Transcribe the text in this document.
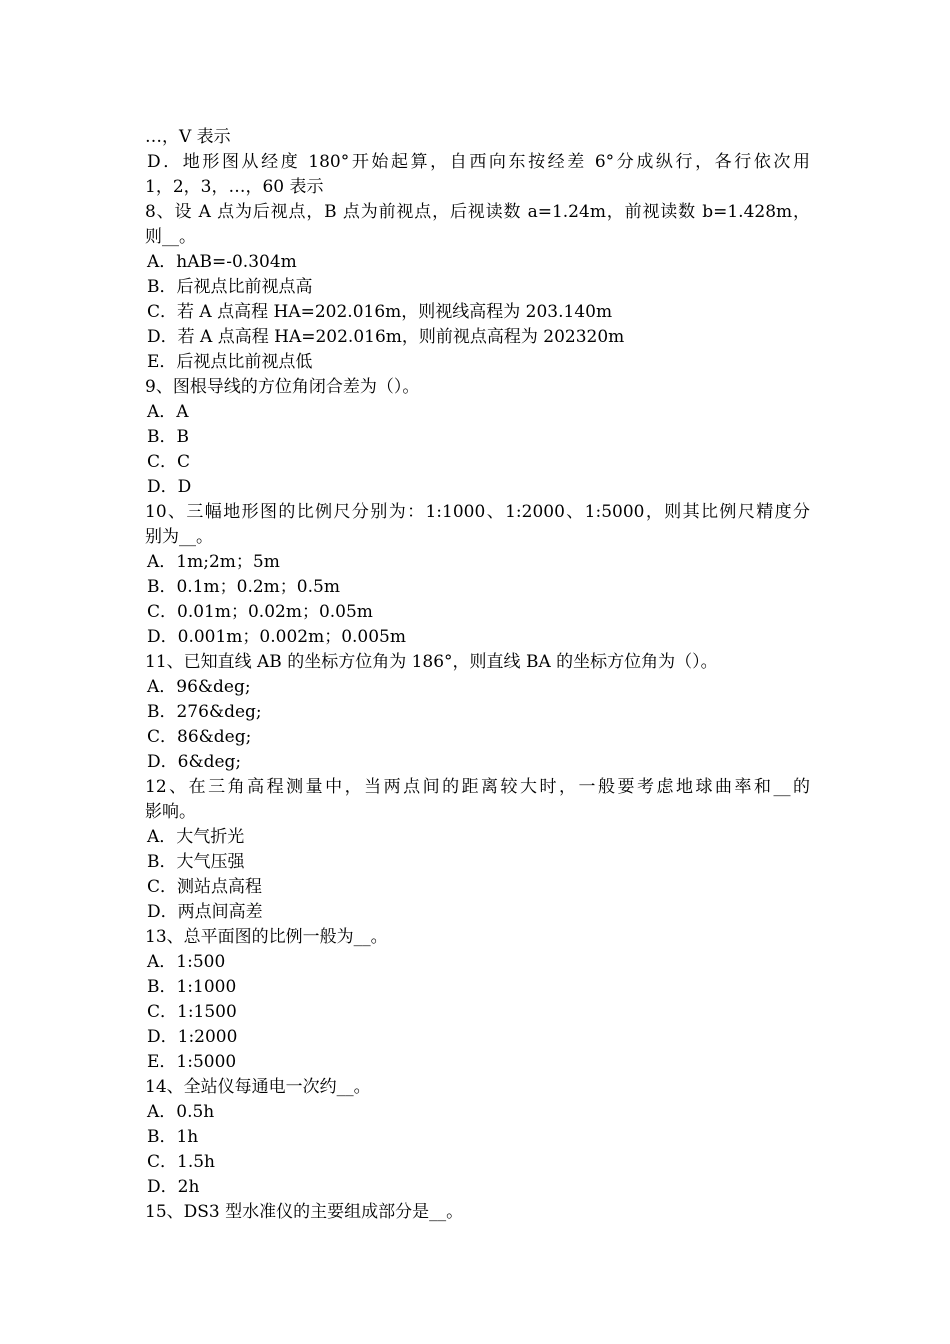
…，V 表示
D．地形图从经度 180°开始起算，自西向东按经差 6°分成纵行，各行依次用
1，2，3，…，60 表示
8、设 A 点为后视点，B 点为前视点，后视读数 a=1.24m，前视读数 b=1.428m，
则__。
A．hAB=-0.304m
B．后视点比前视点高
C．若 A 点高程 HA=202.016m，则视线高程为 203.140m
D．若 A 点高程 HA=202.016m，则前视点高程为 202320m
E．后视点比前视点低
9、图根导线的方位角闭合差为（）。
A．A
B．B
C．C
D．D
10、三幅地形图的比例尺分别为：1:1000、1:2000、1:5000，则其比例尺精度分
别为__。
A．1m;2m；5m
B．0.1m；0.2m；0.5m
C．0.01m；0.02m；0.05m
D．0.001m；0.002m；0.005m
11、已知直线 AB 的坐标方位角为 186°，则直线 BA 的坐标方位角为（）。
A．96&deg;
B．276&deg;
C．86&deg;
D．6&deg;
12、在三角高程测量中，当两点间的距离较大时，一般要考虑地球曲率和__的
影响。
A．大气折光
B．大气压强
C．测站点高程
D．两点间高差
13、总平面图的比例一般为__。
A．1:500
B．1:1000
C．1:1500
D．1:2000
E．1:5000
14、全站仪每通电一次约__。
A．0.5h
B．1h
C．1.5h
D．2h
15、DS3 型水准仪的主要组成部分是__。
